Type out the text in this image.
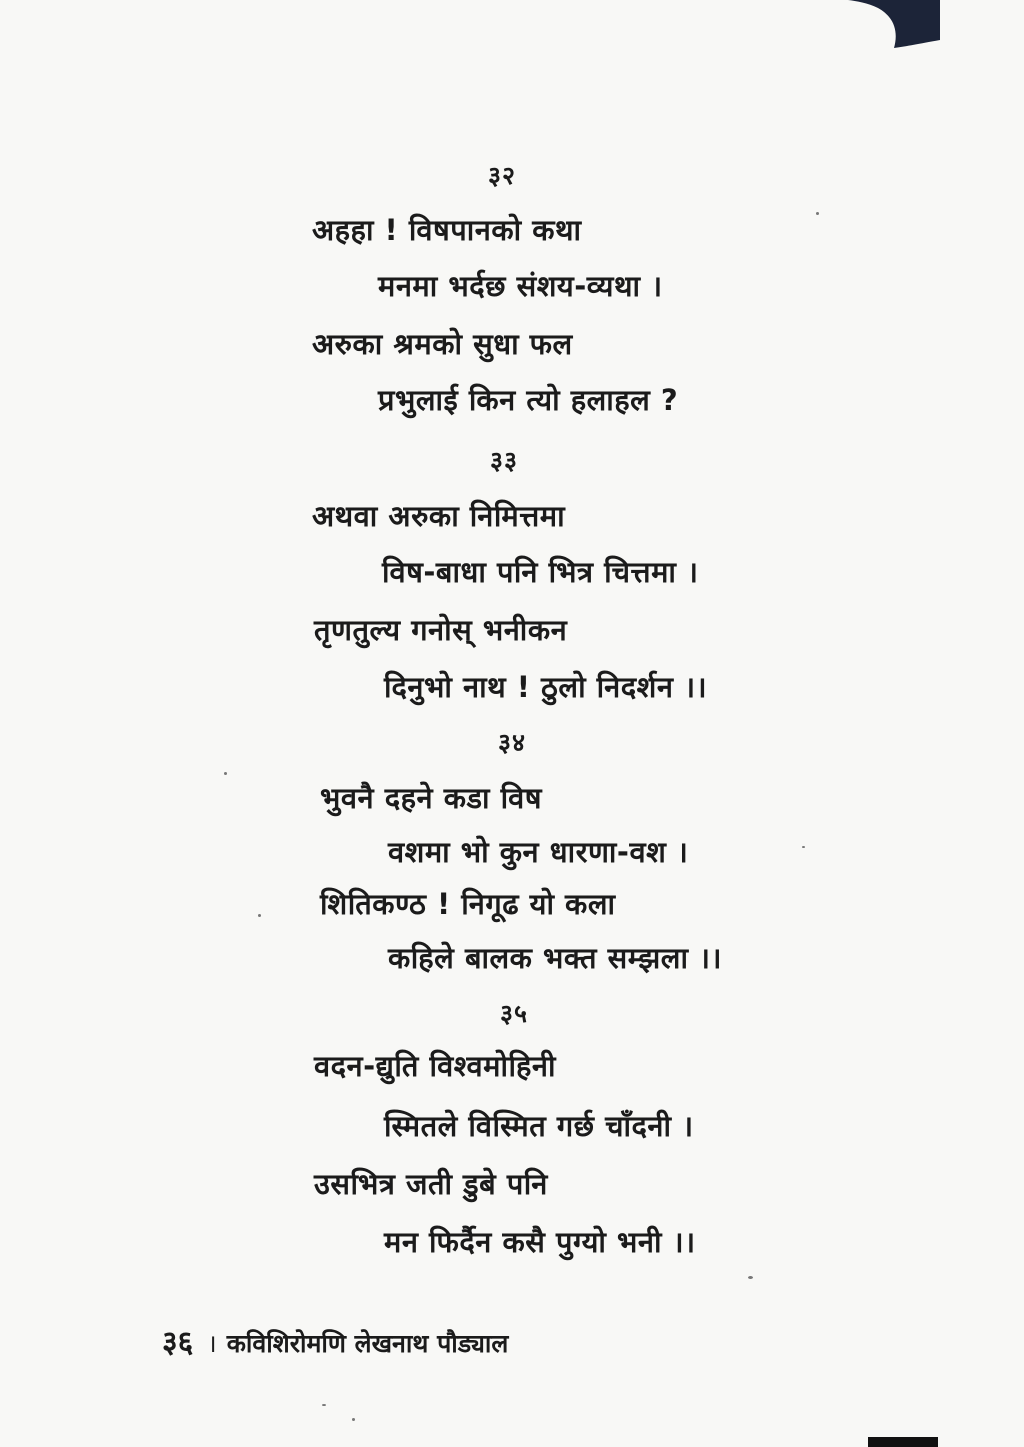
३२
अहहा ! विषपानको कथा
मनमा भर्दछ संशय-व्यथा ।
अरुका श्रमको सुधा फल
प्रभुलाई किन त्यो हलाहल ?
३३
अथवा अरुका निमित्तमा
विष-बाधा पनि भित्र चित्तमा ।
तृणतुल्य गनोस् भनीकन
दिनुभो नाथ ! ठुलो निदर्शन ।।
३४
भुवनै दहने कडा विष
वशमा भो कुन धारणा-वश ।
शितिकण्ठ ! निगूढ यो कला
कहिले बालक भक्त सम्झला ।।
३५
वदन-द्युति विश्वमोहिनी
स्मितले विस्मित गर्छ चाँदनी ।
उसभित्र जती डुबे पनि
मन फिर्दैन कसै पुग्यो भनी ।।
३६ । कविशिरोमणि लेखनाथ पौड्याल
